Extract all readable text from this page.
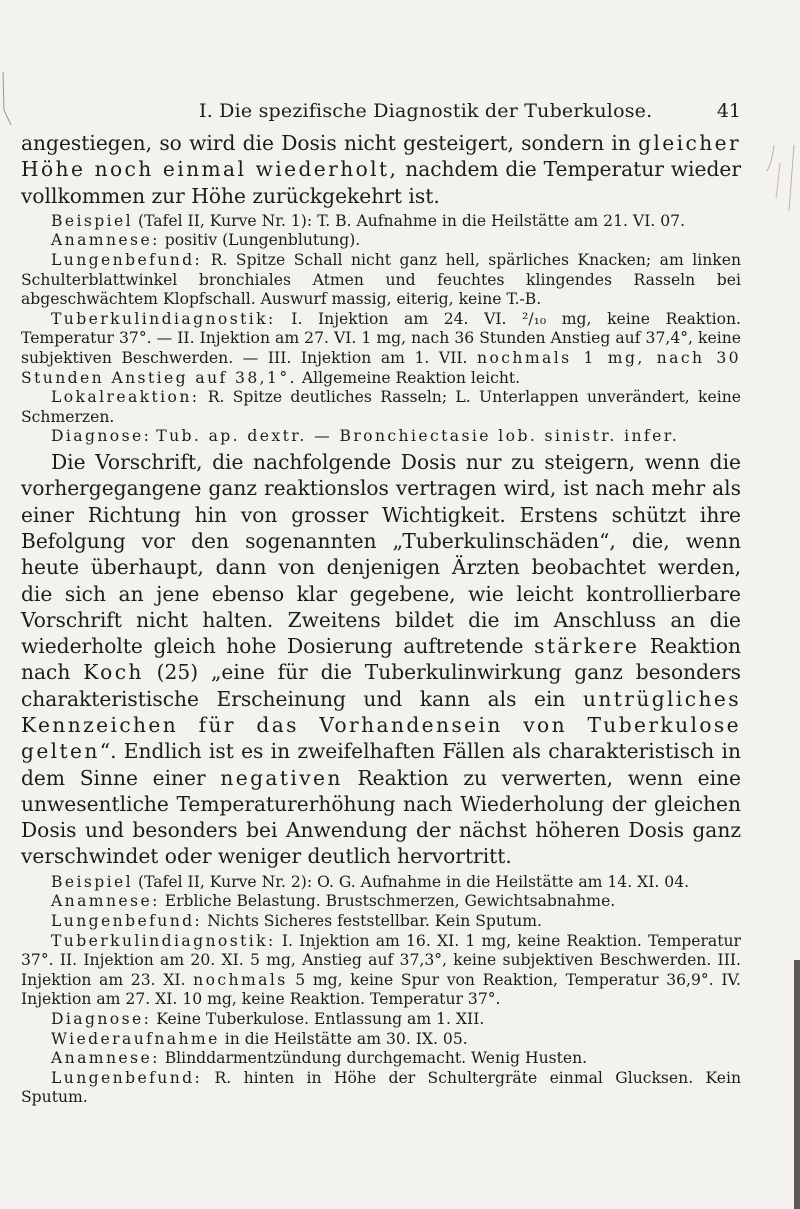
I. Die spezifische Diagnostik der Tuberkulose.	41

angestiegen, so wird die Dosis nicht gesteigert, sondern in gleicher Höhe noch einmal wiederholt, nachdem die Temperatur wieder vollkommen zur Höhe zurückgekehrt ist.

Beispiel (Tafel II, Kurve Nr. 1): T. B. Aufnahme in die Heilstätte am 21. VI. 07.

Anamnese: positiv (Lungenblutung).

Lungenbefund: R. Spitze Schall nicht ganz hell, spärliches Knacken; am linken Schulterblattwinkel bronchiales Atmen und feuchtes klingendes Rasseln bei abgeschwächtem Klopfschall. Auswurf massig, eiterig, keine T.-B.

Tuberkulindiagnostik: I. Injektion am 24. VI. ²/₁₀ mg, keine Reaktion. Temperatur 37°. — II. Injektion am 27. VI. 1 mg, nach 36 Stunden Anstieg auf 37,4°, keine subjektiven Beschwerden. — III. Injektion am 1. VII. nochmals 1 mg, nach 30 Stunden Anstieg auf 38,1°. Allgemeine Reaktion leicht.

Lokalreaktion: R. Spitze deutliches Rasseln; L. Unterlappen unverändert, keine Schmerzen.

Diagnose: Tub. ap. dextr. — Bronchiectasie lob. sinistr. infer.

Die Vorschrift, die nachfolgende Dosis nur zu steigern, wenn die vorhergegangene ganz reaktionslos vertragen wird, ist nach mehr als einer Richtung hin von grosser Wichtigkeit. Erstens schützt ihre Befolgung vor den sogenannten „Tuberkulinschäden“, die, wenn heute überhaupt, dann von denjenigen Ärzten beobachtet werden, die sich an jene ebenso klar gegebene, wie leicht kontrollierbare Vorschrift nicht halten. Zweitens bildet die im Anschluss an die wiederholte gleich hohe Dosierung auftretende stärkere Reaktion nach Koch (25) „eine für die Tuberkulinwirkung ganz besonders charakteristische Erscheinung und kann als ein untrügliches Kennzeichen für das Vorhandensein von Tuberkulose gelten“. Endlich ist es in zweifelhaften Fällen als charakteristisch in dem Sinne einer negativen Reaktion zu verwerten, wenn eine unwesentliche Temperaturerhöhung nach Wiederholung der gleichen Dosis und besonders bei Anwendung der nächst höheren Dosis ganz verschwindet oder weniger deutlich hervortritt.

Beispiel (Tafel II, Kurve Nr. 2): O. G. Aufnahme in die Heilstätte am 14. XI. 04.

Anamnese: Erbliche Belastung. Brustschmerzen, Gewichtsabnahme.

Lungenbefund: Nichts Sicheres feststellbar. Kein Sputum.

Tuberkulindiagnostik: I. Injektion am 16. XI. 1 mg, keine Reaktion. Temperatur 37°. II. Injektion am 20. XI. 5 mg, Anstieg auf 37,3°, keine subjektiven Beschwerden. III. Injektion am 23. XI. nochmals 5 mg, keine Spur von Reaktion, Temperatur 36,9°. IV. Injektion am 27. XI. 10 mg, keine Reaktion. Temperatur 37°.

Diagnose: Keine Tuberkulose. Entlassung am 1. XII.

Wiederaufnahme in die Heilstätte am 30. IX. 05.

Anamnese: Blinddarmentzündung durchgemacht. Wenig Husten.

Lungenbefund: R. hinten in Höhe der Schultergräte einmal Glucksen. Kein Sputum.
